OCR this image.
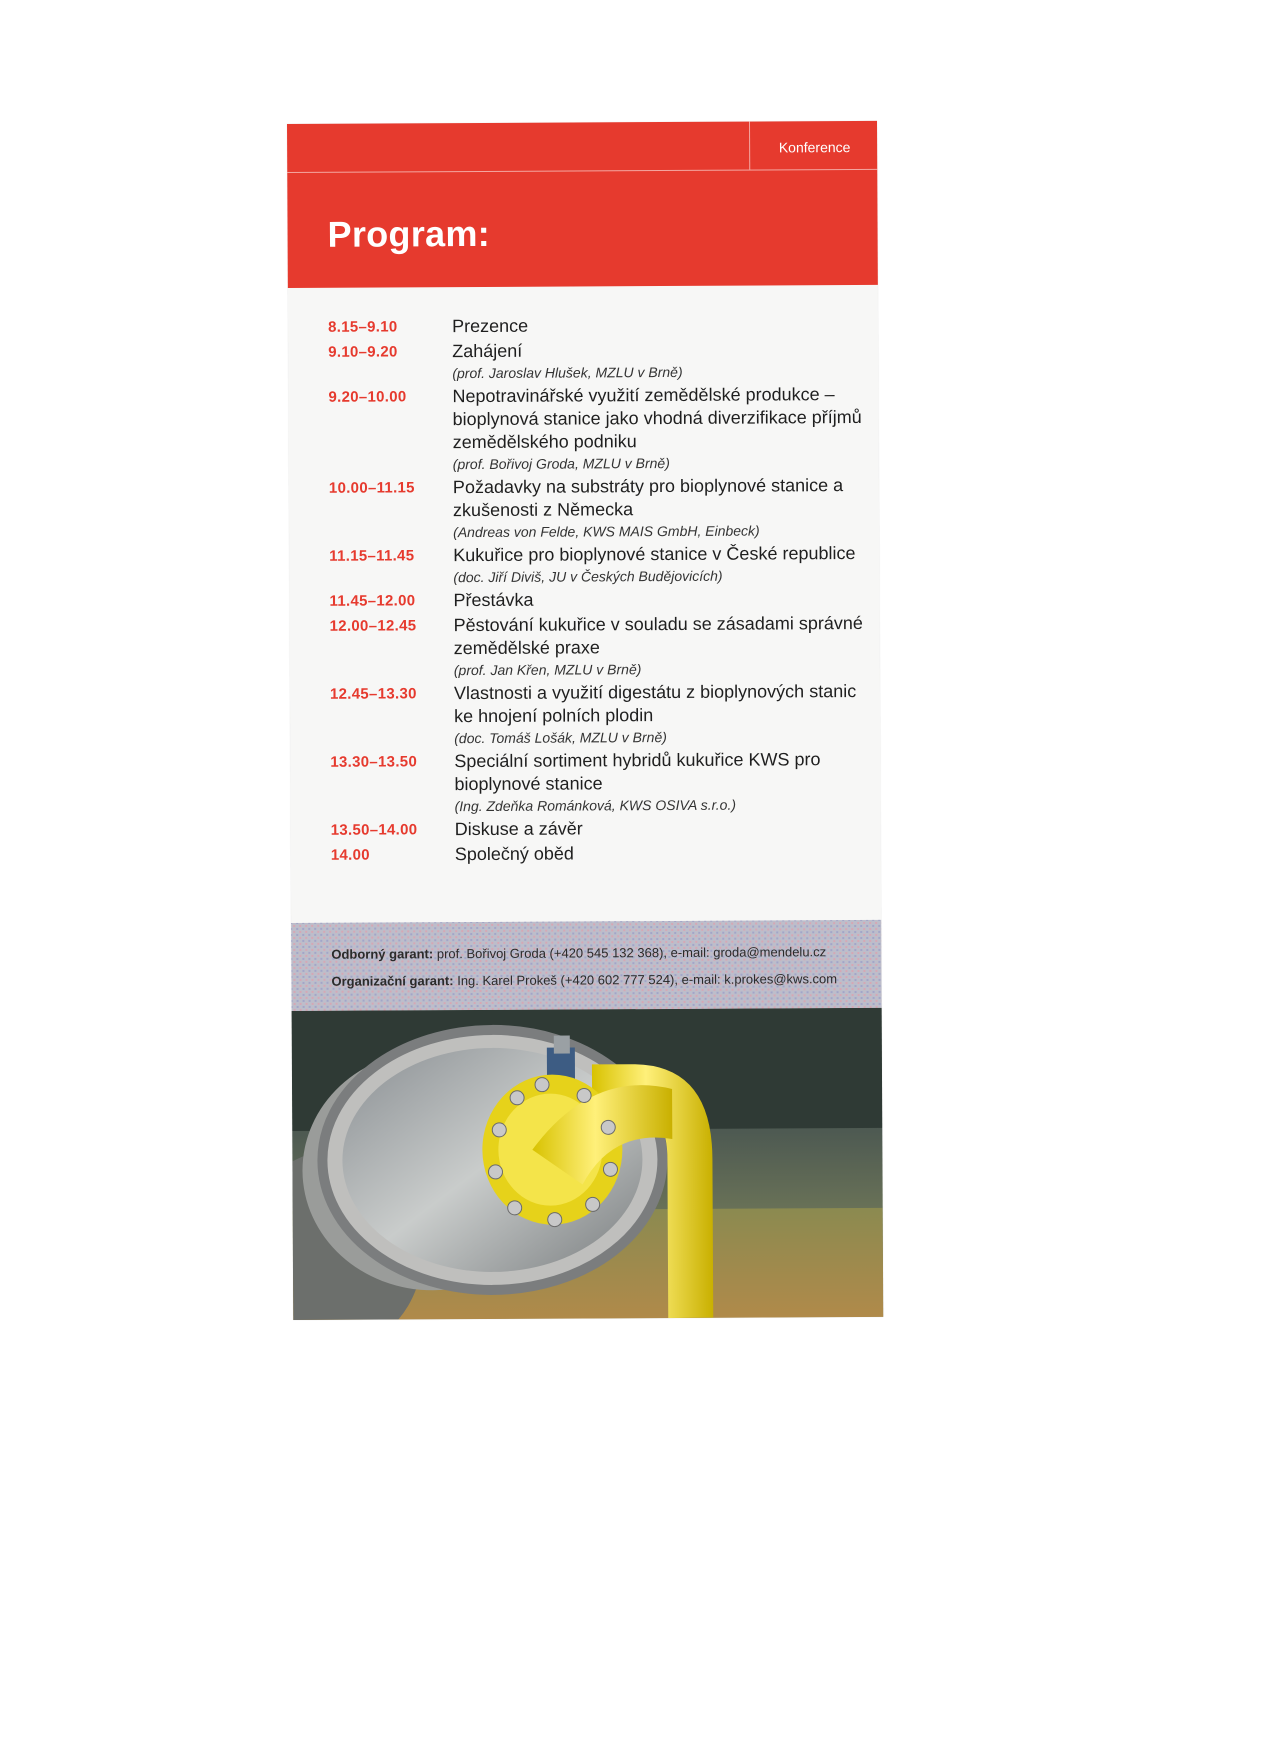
Konference
Program:
8.15–9.10	Prezence
9.10–9.20	Zahájení
(prof. Jaroslav Hlušek, MZLU v Brně)
9.20–10.00	Nepotravinářské využití zemědělské produkce – bioplynová stanice jako vhodná diverzifikace příjmů zemědělského podniku
(prof. Bořivoj Groda, MZLU v Brně)
10.00–11.15	Požadavky na substráty pro bioplynové stanice a zkušenosti z Německa
(Andreas von Felde, KWS MAIS GmbH, Einbeck)
11.15–11.45	Kukuřice pro bioplynové stanice v České republice
(doc. Jiří Diviš, JU v Českých Budějovicích)
11.45–12.00	Přestávka
12.00–12.45	Pěstování kukuřice v souladu se zásadami správné zemědělské praxe
(prof. Jan Křen, MZLU v Brně)
12.45–13.30	Vlastnosti a využití digestátu z bioplynových stanic ke hnojení polních plodin
(doc. Tomáš Lošák, MZLU v Brně)
13.30–13.50	Speciální sortiment hybridů kukuřice KWS pro bioplynové stanice
(Ing. Zdeňka Románková, KWS OSIVA s.r.o.)
13.50–14.00	Diskuse a závěr
14.00	Společný oběd
Odborný garant: prof. Bořivoj Groda (+420 545 132 368), e-mail: groda@mendelu.cz
Organizační garant: Ing. Karel Prokeš (+420 602 777 524), e-mail: k.prokes@kws.com
